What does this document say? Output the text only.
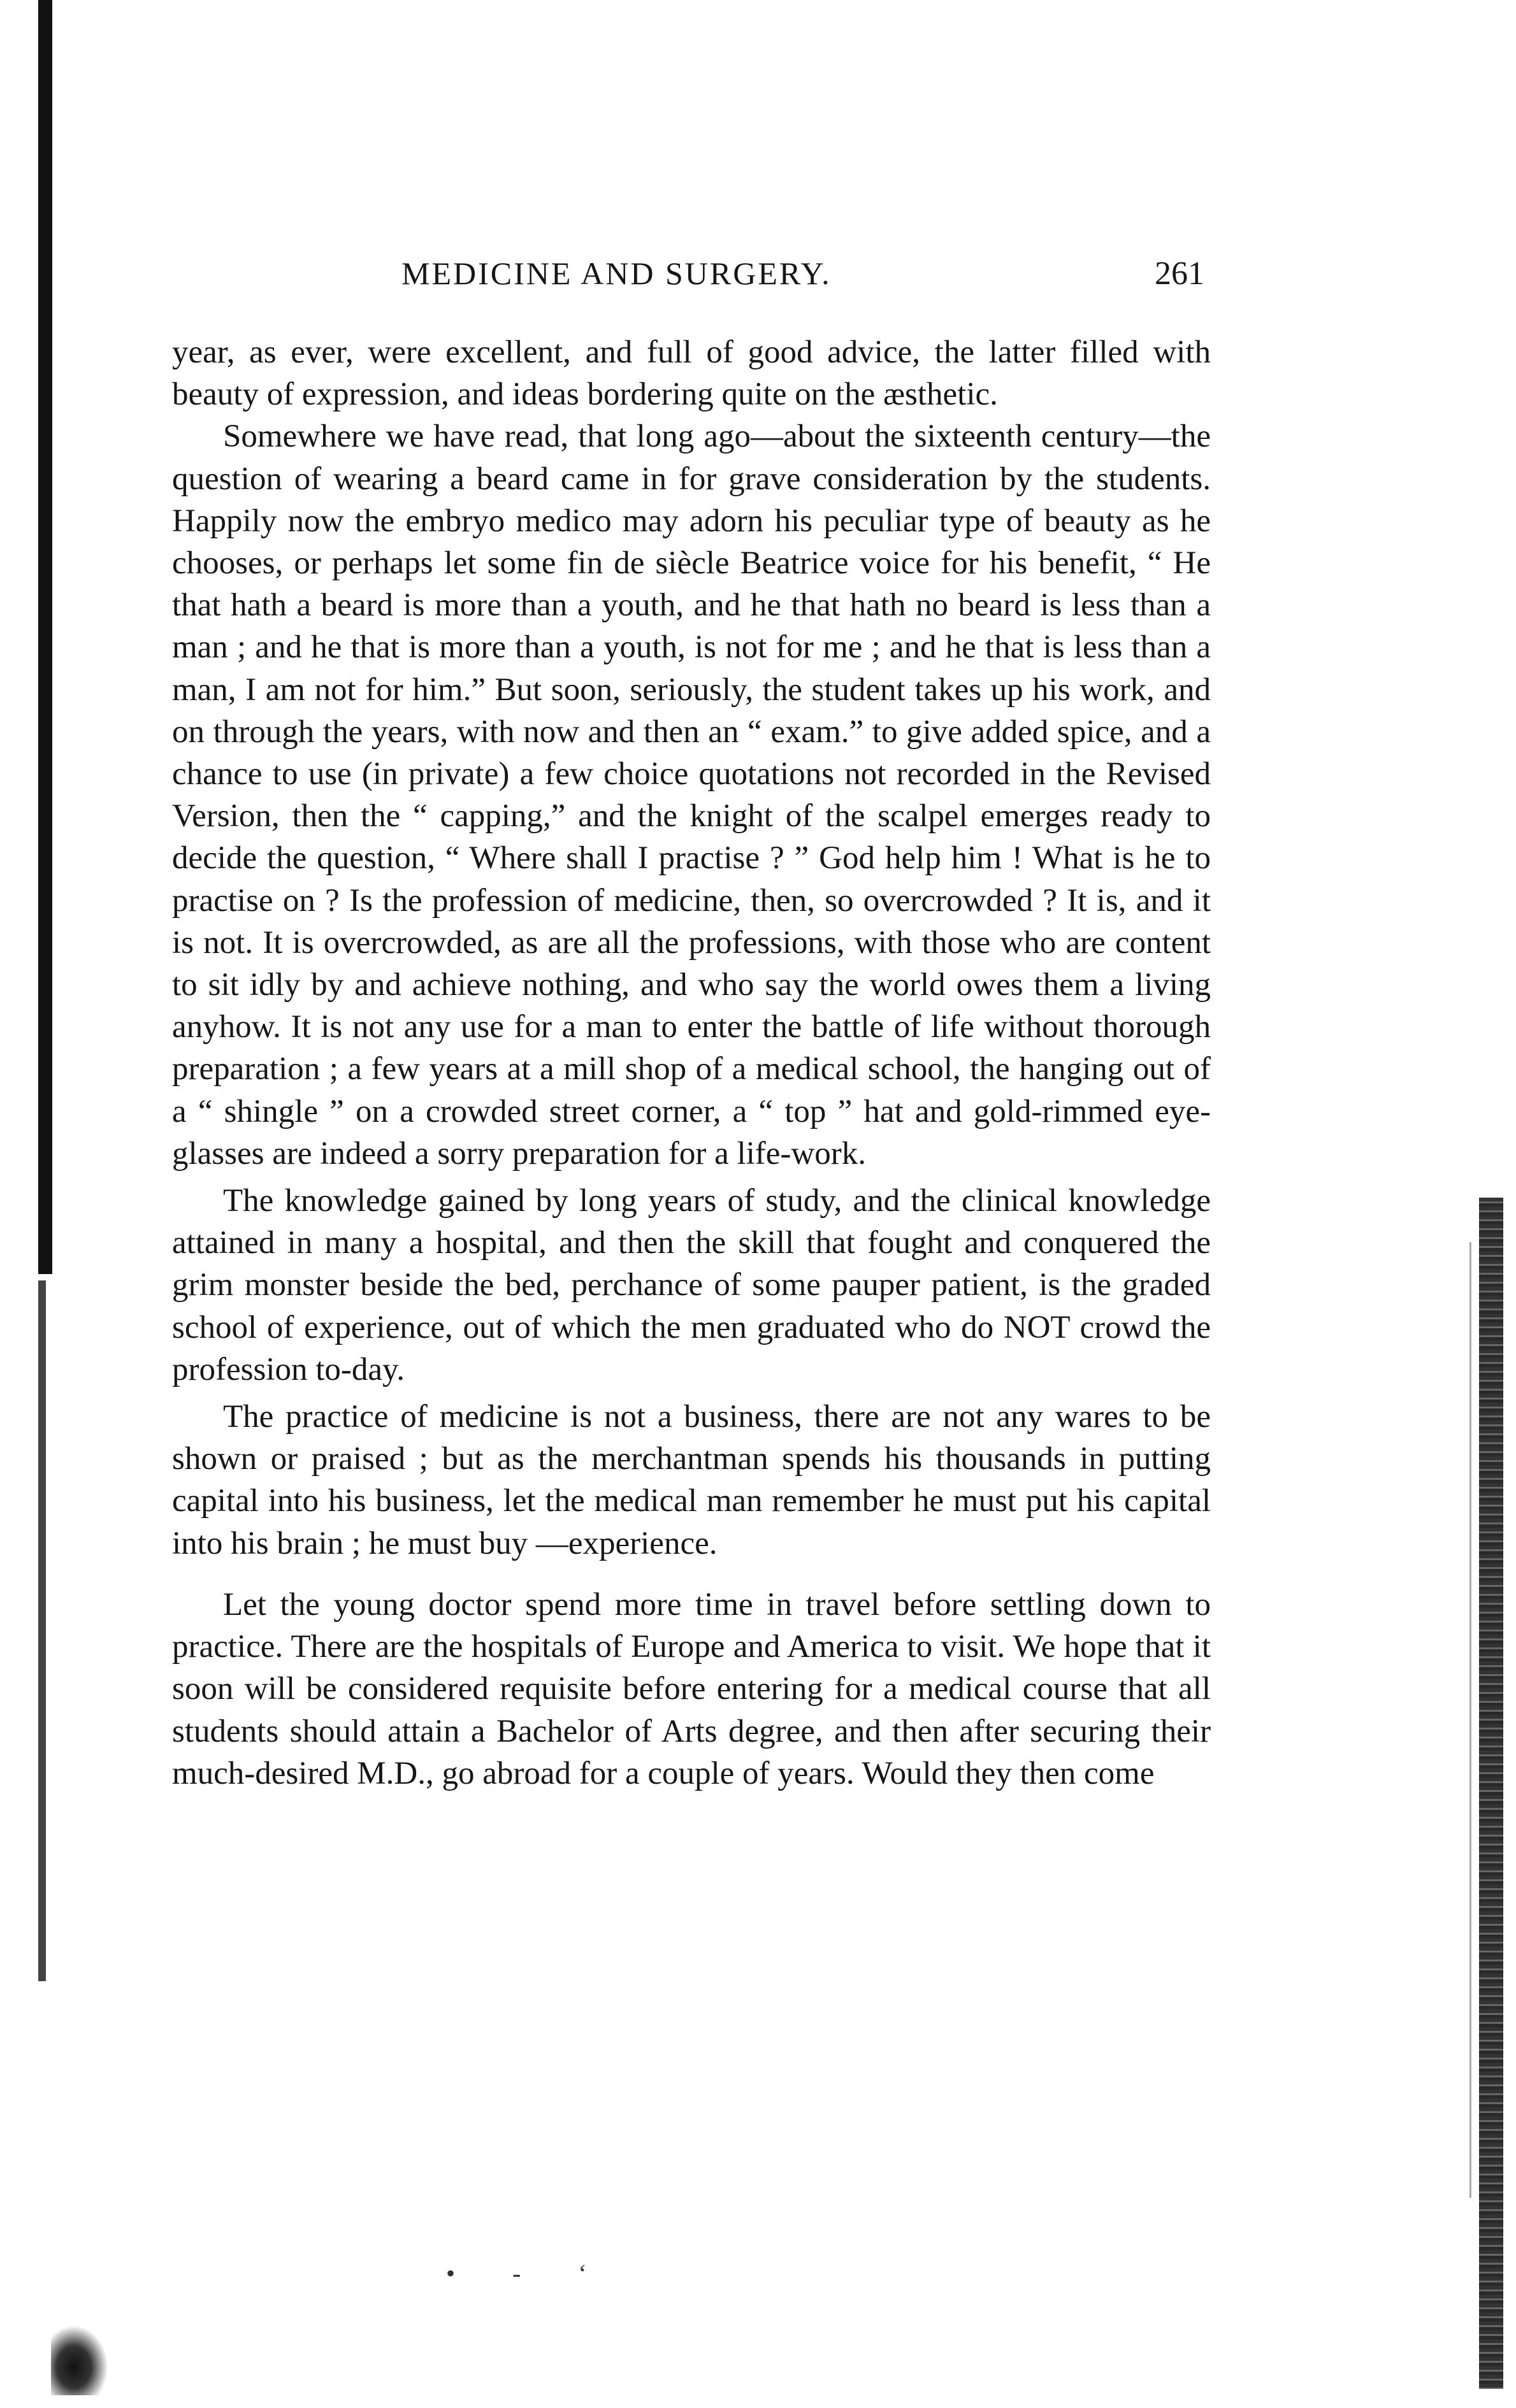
MEDICINE AND SURGERY.	261

year, as ever, were excellent, and full of good advice, the latter filled with beauty of expression, and ideas bordering quite on the æsthetic.

Somewhere we have read, that long ago—about the sixteenth century—the question of wearing a beard came in for grave consideration by the students. Happily now the embryo medico may adorn his peculiar type of beauty as he chooses, or perhaps let some fin de siècle Beatrice voice for his benefit, “ He that hath a beard is more than a youth, and he that hath no beard is less than a man ; and he that is more than a youth, is not for me ; and he that is less than a man, I am not for him.” But soon, seriously, the student takes up his work, and on through the years, with now and then an “ exam.” to give added spice, and a chance to use (in private) a few choice quotations not recorded in the Revised Version, then the “ capping,” and the knight of the scalpel emerges ready to decide the question, “ Where shall I practise ? ” God help him ! What is he to practise on ? Is the profession of medicine, then, so overcrowded ? It is, and it is not. It is overcrowded, as are all the professions, with those who are content to sit idly by and achieve nothing, and who say the world owes them a living anyhow. It is not any use for a man to enter the battle of life without thorough preparation ; a few years at a mill shop of a medical school, the hanging out of a “ shingle ” on a crowded street corner, a “ top ” hat and gold-rimmed eye-glasses are indeed a sorry preparation for a life-work.

The knowledge gained by long years of study, and the clinical knowledge attained in many a hospital, and then the skill that fought and conquered the grim monster beside the bed, perchance of some pauper patient, is the graded school of experience, out of which the men graduated who do NOT crowd the profession to-day.

The practice of medicine is not a business, there are not any wares to be shown or praised ; but as the merchantman spends his thousands in putting capital into his business, let the medical man remember he must put his capital into his brain ; he must buy —experience.

Let the young doctor spend more time in travel before settling down to practice. There are the hospitals of Europe and America to visit. We hope that it soon will be considered requisite before entering for a medical course that all students should attain a Bachelor of Arts degree, and then after securing their much-desired M.D., go abroad for a couple of years. Would they then come

• - ‘
